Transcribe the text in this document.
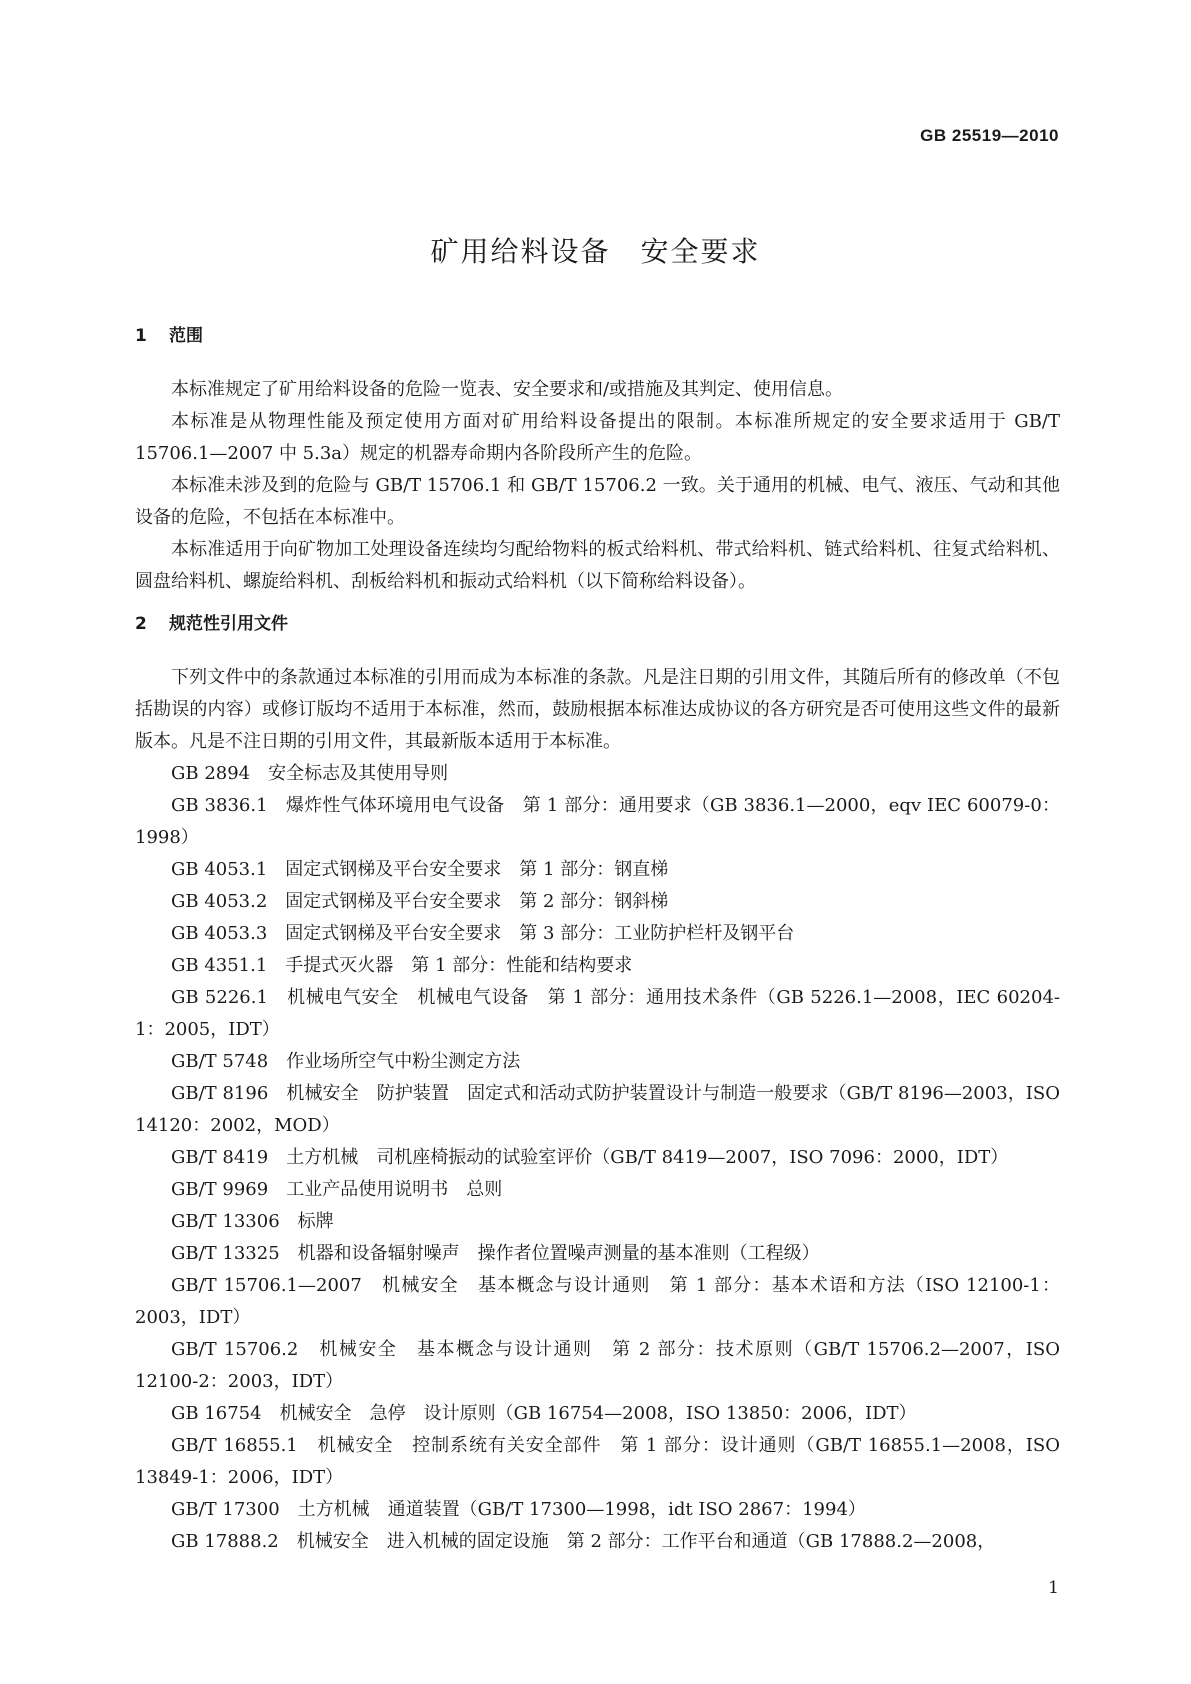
GB 25519—2010
矿用给料设备　安全要求
1 范围

本标准规定了矿用给料设备的危险一览表、安全要求和/或措施及其判定、使用信息。

本标准是从物理性能及预定使用方面对矿用给料设备提出的限制。本标准所规定的安全要求适用于 GB/T 15706.1—2007 中 5.3a）规定的机器寿命期内各阶段所产生的危险。

本标准未涉及到的危险与 GB/T 15706.1 和 GB/T 15706.2 一致。关于通用的机械、电气、液压、气动和其他设备的危险，不包括在本标准中。

本标准适用于向矿物加工处理设备连续均匀配给物料的板式给料机、带式给料机、链式给料机、往复式给料机、圆盘给料机、螺旋给料机、刮板给料机和振动式给料机（以下简称给料设备）。

2 规范性引用文件

下列文件中的条款通过本标准的引用而成为本标准的条款。凡是注日期的引用文件，其随后所有的修改单（不包括勘误的内容）或修订版均不适用于本标准，然而，鼓励根据本标准达成协议的各方研究是否可使用这些文件的最新版本。凡是不注日期的引用文件，其最新版本适用于本标准。

GB 2894　安全标志及其使用导则
GB 3836.1　爆炸性气体环境用电气设备　第 1 部分：通用要求（GB 3836.1—2000，eqv IEC 60079-0：1998）
GB 4053.1　固定式钢梯及平台安全要求　第 1 部分：钢直梯
GB 4053.2　固定式钢梯及平台安全要求　第 2 部分：钢斜梯
GB 4053.3　固定式钢梯及平台安全要求　第 3 部分：工业防护栏杆及钢平台
GB 4351.1　手提式灭火器　第 1 部分：性能和结构要求
GB 5226.1　机械电气安全　机械电气设备　第 1 部分：通用技术条件（GB 5226.1—2008，IEC 60204-1：2005，IDT）
GB/T 5748　作业场所空气中粉尘测定方法
GB/T 8196　机械安全　防护装置　固定式和活动式防护装置设计与制造一般要求（GB/T 8196—2003，ISO 14120：2002，MOD）
GB/T 8419　土方机械　司机座椅振动的试验室评价（GB/T 8419—2007，ISO 7096：2000，IDT）
GB/T 9969　工业产品使用说明书　总则
GB/T 13306　标牌
GB/T 13325　机器和设备辐射噪声　操作者位置噪声测量的基本准则（工程级）
GB/T 15706.1—2007　机械安全　基本概念与设计通则　第 1 部分：基本术语和方法（ISO 12100-1：2003，IDT）
GB/T 15706.2　机械安全　基本概念与设计通则　第 2 部分：技术原则（GB/T 15706.2—2007，ISO 12100-2：2003，IDT）
GB 16754　机械安全　急停　设计原则（GB 16754—2008，ISO 13850：2006，IDT）
GB/T 16855.1　机械安全　控制系统有关安全部件　第 1 部分：设计通则（GB/T 16855.1—2008，ISO 13849-1：2006，IDT）
GB/T 17300　土方机械　通道装置（GB/T 17300—1998，idt ISO 2867：1994）
GB 17888.2　机械安全　进入机械的固定设施　第 2 部分：工作平台和通道（GB 17888.2—2008，
1
